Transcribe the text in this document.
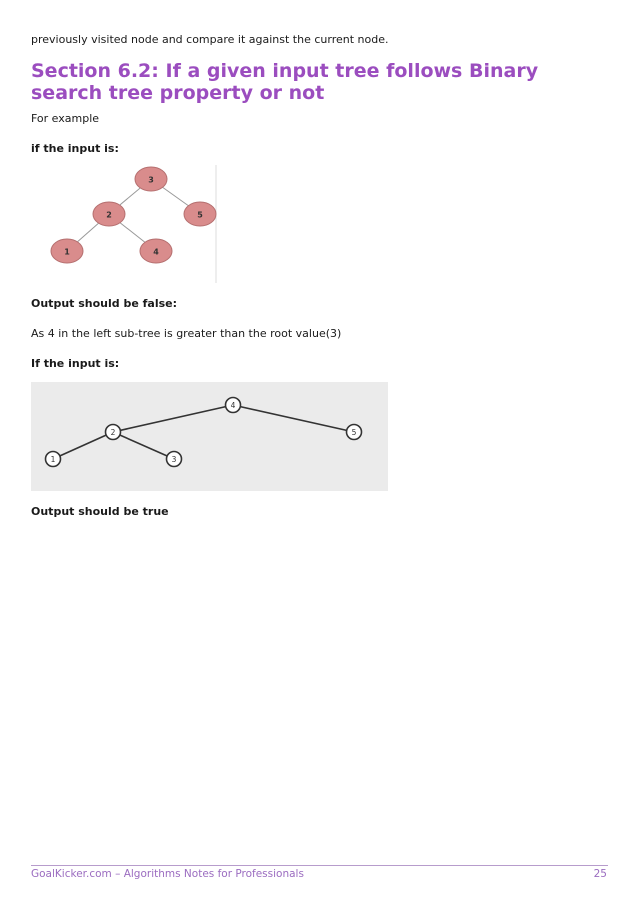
previously visited node and compare it against the current node.

Section 6.2: If a given input tree follows Binary search tree property or not

For example

if the input is:

3
2	5
1	4

Output should be false:

As 4 in the left sub-tree is greater than the root value(3)

If the input is:

4
2	5
1	3

Output should be true

GoalKicker.com – Algorithms Notes for Professionals	25
